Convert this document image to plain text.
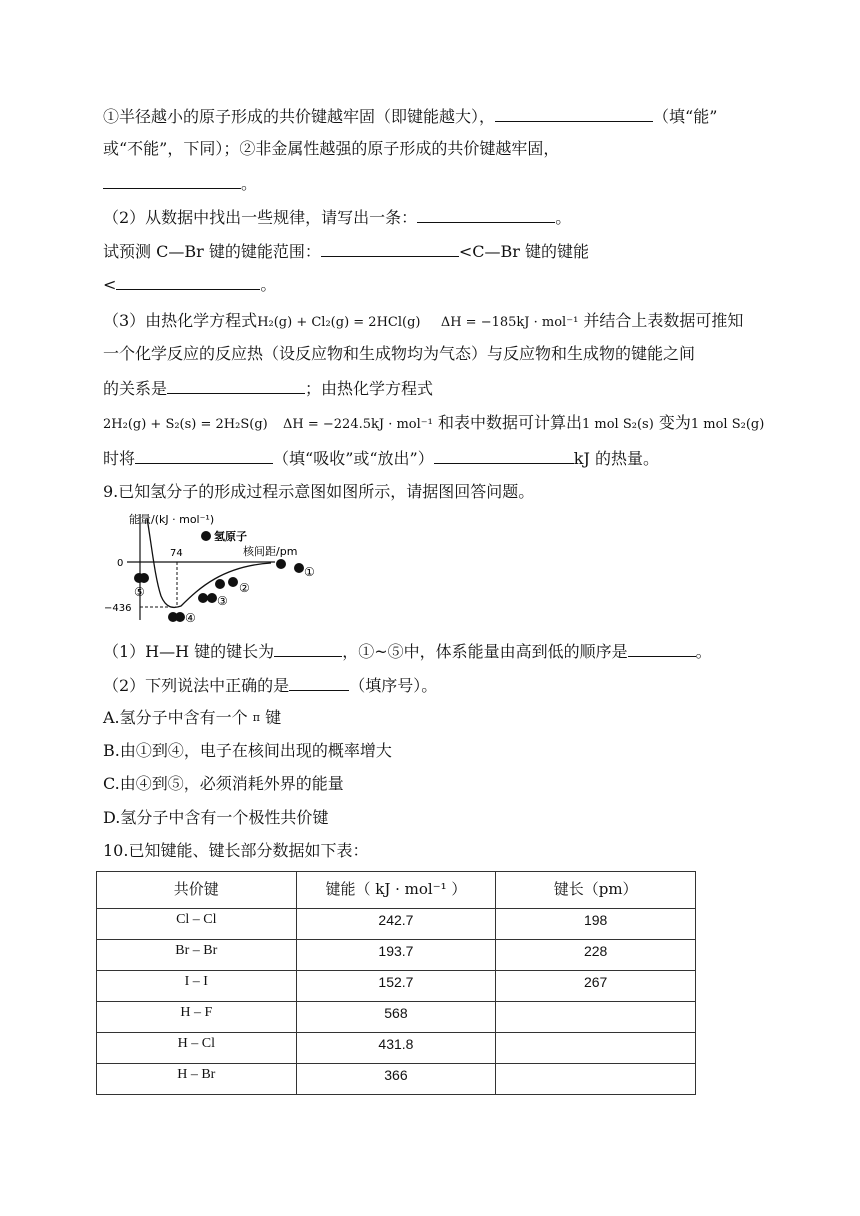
①半径越小的原子形成的共价键越牢固（即键能越大），	（填“能”
或“不能”，下同）；②非金属性越强的原子形成的共价键越牢固，
。
（2）从数据中找出一些规律，请写出一条：	。
试预测 C—Br 键的键能范围：	<C—Br 键的键能
<	。
（3）由热化学方程式H₂(g) + Cl₂(g) = 2HCl(g) ΔH = −185kJ · mol⁻¹ 并结合上表数据可推知
一个化学反应的反应热（设反应物和生成物均为气态）与反应物和生成物的键能之间
的关系是	；由热化学方程式
2H₂(g) + S₂(s) = 2H₂S(g) ΔH = −224.5kJ · mol⁻¹ 和表中数据可计算出1 mol S₂(s) 变为1 mol S₂(g)
时将	（填“吸收”或“放出”）	kJ 的热量。
9.已知氢分子的形成过程示意图如图所示，请据图回答问题。
能量/(kJ · mol⁻¹)
氢原子
74	核间距/pm
0
−436
①
②
③
④
⑤
（1）H—H 键的键长为	，①~⑤中，体系能量由高到低的顺序是	。
（2）下列说法中正确的是	（填序号）。
A.氢分子中含有一个 $^\pi$ 键
B.由①到④，电子在核间出现的概率增大
C.由④到⑤，必须消耗外界的能量
D.氢分子中含有一个极性共价键
10.已知键能、键长部分数据如下表：
共价键	键能（ kJ · mol⁻¹ ）	键长（pm）
Cl – Cl	242.7	198
Br – Br	193.7	228
I – I	152.7	267
H – F	568	
H – Cl	431.8	
H – Br	366	
